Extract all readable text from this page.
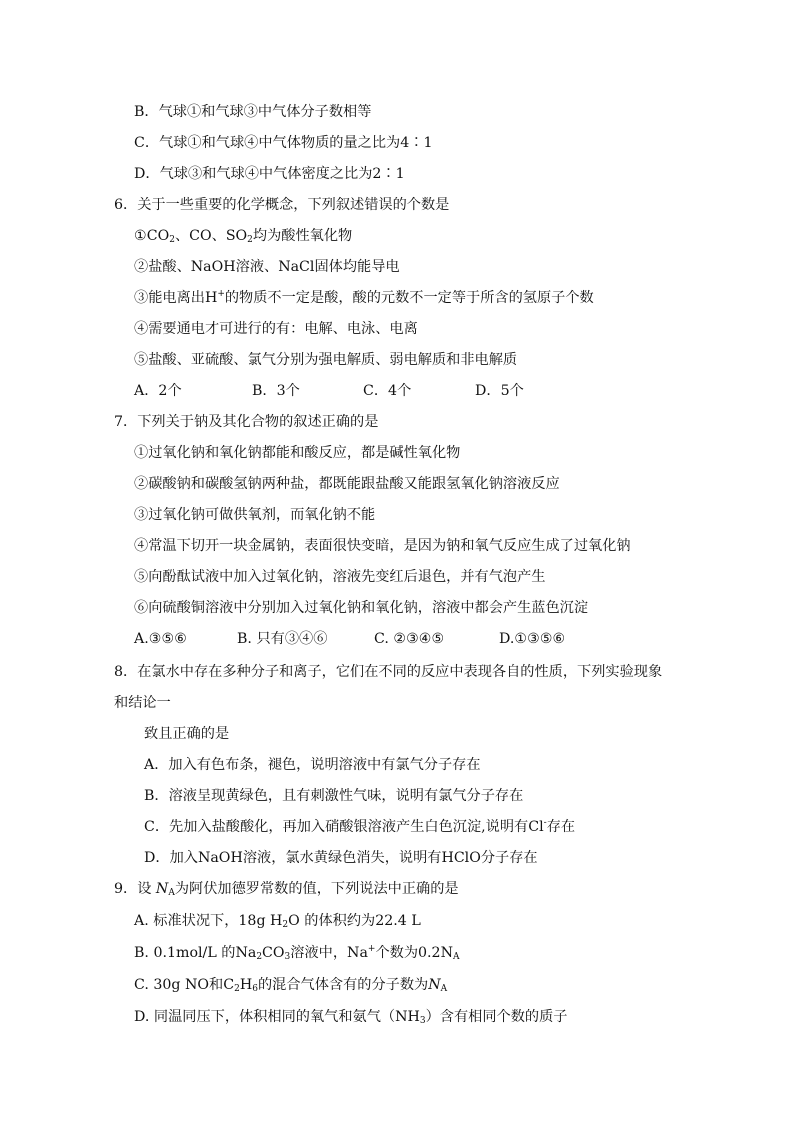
B．气球①和气球③中气体分子数相等
C．气球①和气球④中气体物质的量之比为4∶1
D．气球③和气球④中气体密度之比为2∶1
6．关于一些重要的化学概念，下列叙述错误的个数是
$①CO_2$、CO、$SO_2$均为酸性氧化物
②盐酸、NaOH溶液、NaCl固体均能导电
③能电离出H+的物质不一定是酸，酸的元数不一定等于所含的氢原子个数
④需要通电才可进行的有：电解、电泳、电离
⑤盐酸、亚硫酸、氯气分别为强电解质、弱电解质和非电解质
A．2个	B．3个	C．4个	D．5个
7．下列关于钠及其化合物的叙述正确的是
①过氧化钠和氧化钠都能和酸反应，都是碱性氧化物
②碳酸钠和碳酸氢钠两种盐，都既能跟盐酸又能跟氢氧化钠溶液反应
③过氧化钠可做供氧剂，而氧化钠不能
④常温下切开一块金属钠，表面很快变暗，是因为钠和氧气反应生成了过氧化钠
⑤向酚酞试液中加入过氧化钠，溶液先变红后退色，并有气泡产生
⑥向硫酸铜溶液中分别加入过氧化钠和氧化钠，溶液中都会产生蓝色沉淀
A.③⑤⑥	B. 只有③④⑥	C. ②③④⑤	D.①③⑤⑥
8．在氯水中存在多种分子和离子，它们在不同的反应中表现各自的性质，下列实验现象
和结论一
致且正确的是
A．加入有色布条，褪色，说明溶液中有氯气分子存在
B．溶液呈现黄绿色，且有刺激性气味，说明有氯气分子存在
C．先加入盐酸酸化，再加入硝酸银溶液产生白色沉淀,说明有Cl-存在
D．加入NaOH溶液，氯水黄绿色消失，说明有HClO分子存在
9．设 $N_A$为阿伏加德罗常数的值，下列说法中正确的是
A. 标准状况下，18g $H_2O$ 的体积约为22.4 L
B. 0.1mol/L 的$Na_2CO_3$溶液中，Na+个数为$0.2N_A$
C. 30g NO和$C_2H_6$的混合气体含有的分子数为$N_A$
D. 同温同压下，体积相同的氧气和氨气$(NH_3)$含有相同个数的质子
